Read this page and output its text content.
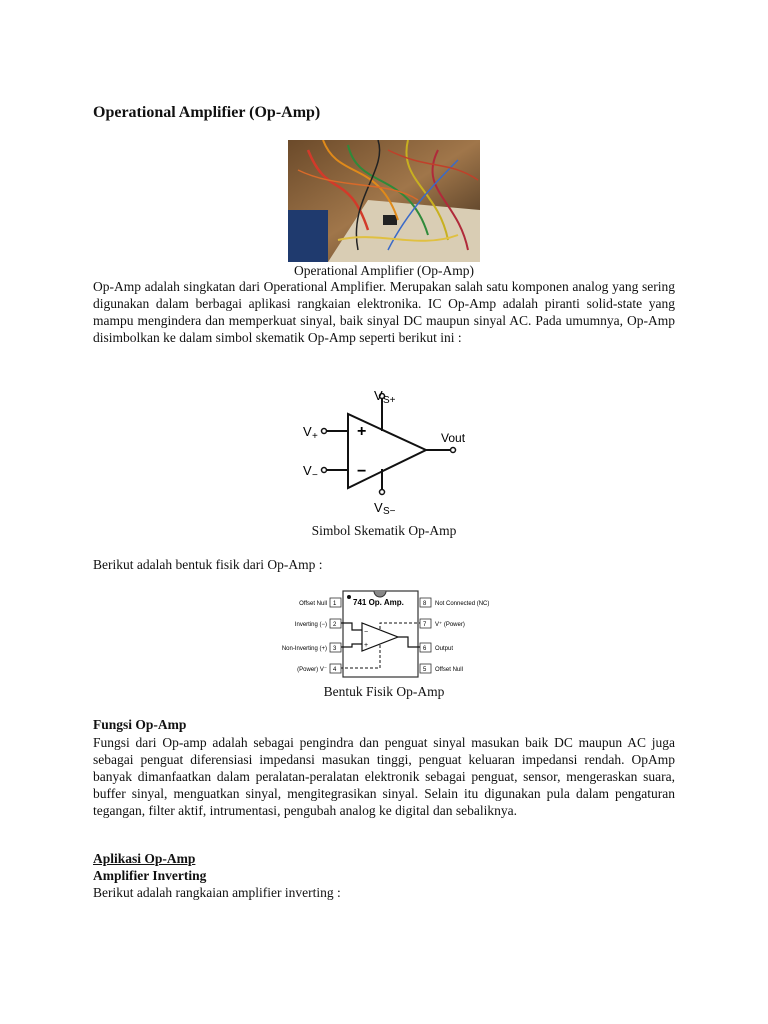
Operational Amplifier (Op-Amp)
Operational Amplifier (Op-Amp)

Op-Amp adalah singkatan dari Operational Amplifier. Merupakan salah satu komponen analog yang sering digunakan dalam berbagai aplikasi rangkaian elektronika. IC Op-Amp adalah piranti solid-state yang mampu mengindera dan memperkuat sinyal, baik sinyal DC maupun sinyal AC. Pada umumnya, Op-Amp disimbolkan ke dalam simbol skematik Op-Amp seperti berikut ini :

+
−
V S+
V S−
V +
V −
Vout
Simbol Skematik Op-Amp
Berikut adalah bentuk fisik dari Op-Amp :
741 Op. Amp.
1
Offset Null
2
Inverting (−)
3
Non-Inverting (+)
4
(Power) V⁻	5 Offset Null
6 Output
7 V⁺ (Power)
8 Not Connected (NC)
−
+
Bentuk Fisik Op-Amp
Fungsi Op-Amp

Fungsi dari Op-amp adalah sebagai pengindra dan penguat sinyal masukan baik DC maupun AC juga sebagai penguat diferensiasi impedansi masukan tinggi, penguat keluaran impedansi rendah. OpAmp banyak dimanfaatkan dalam peralatan-peralatan elektronik sebagai penguat, sensor, mengeraskan suara, buffer sinyal, menguatkan sinyal, mengitegrasikan sinyal. Selain itu digunakan pula dalam pengaturan tegangan, filter aktif, intrumentasi, pengubah analog ke digital dan sebaliknya.

Aplikasi Op-Amp
Amplifier Inverting
Berikut adalah rangkaian amplifier inverting :
